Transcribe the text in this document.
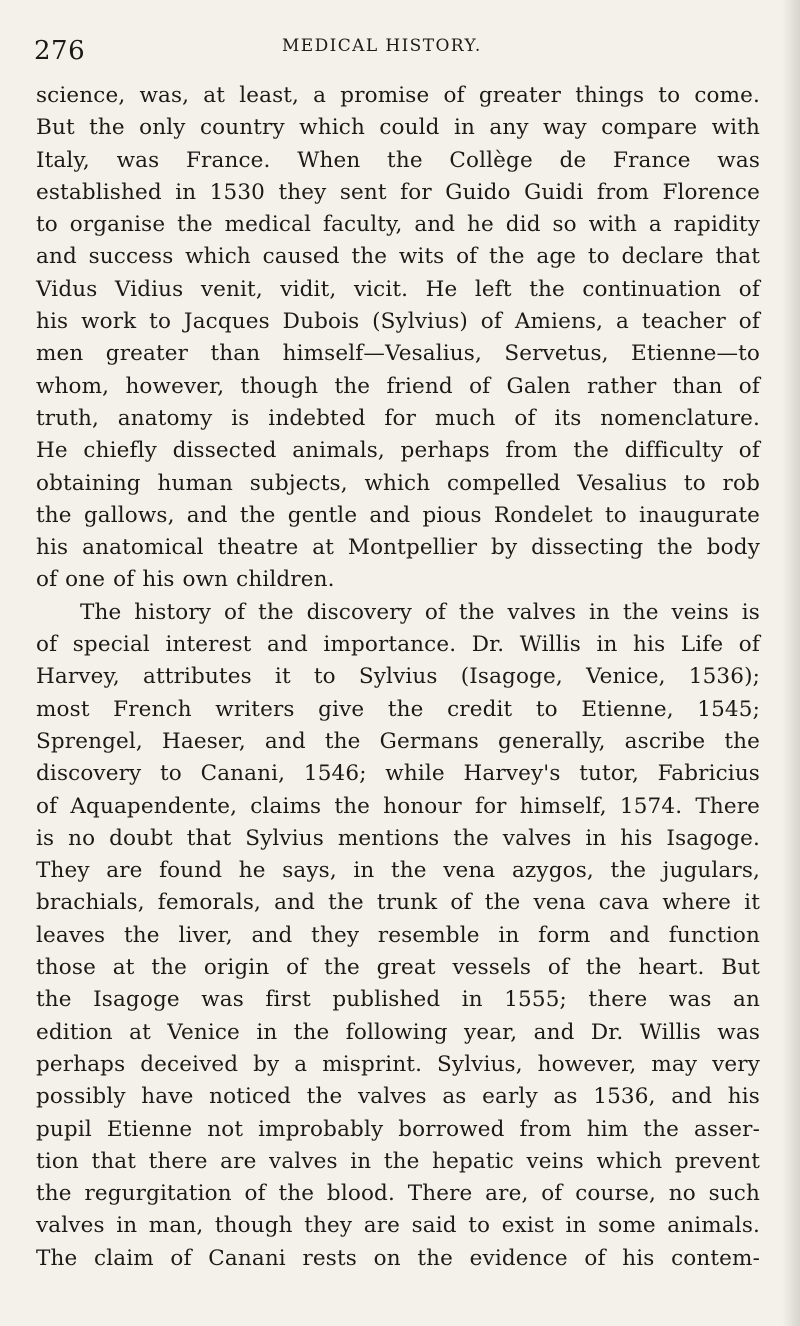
276	MEDICAL HISTORY.
science, was, at least, a promise of greater things to come.
But the only country which could in any way compare with
Italy, was France. When the Collège de France was
established in 1530 they sent for Guido Guidi from Florence
to organise the medical faculty, and he did so with a rapidity
and success which caused the wits of the age to declare that
Vidus Vidius venit, vidit, vicit. He left the continuation of
his work to Jacques Dubois (Sylvius) of Amiens, a teacher of
men greater than himself—Vesalius, Servetus, Etienne—to
whom, however, though the friend of Galen rather than of
truth, anatomy is indebted for much of its nomenclature.
He chiefly dissected animals, perhaps from the difficulty of
obtaining human subjects, which compelled Vesalius to rob
the gallows, and the gentle and pious Rondelet to inaugurate
his anatomical theatre at Montpellier by dissecting the body
of one of his own children.
The history of the discovery of the valves in the veins is
of special interest and importance. Dr. Willis in his Life of
Harvey, attributes it to Sylvius (Isagoge, Venice, 1536);
most French writers give the credit to Etienne, 1545;
Sprengel, Haeser, and the Germans generally, ascribe the
discovery to Canani, 1546; while Harvey's tutor, Fabricius
of Aquapendente, claims the honour for himself, 1574. There
is no doubt that Sylvius mentions the valves in his Isagoge.
They are found he says, in the vena azygos, the jugulars,
brachials, femorals, and the trunk of the vena cava where it
leaves the liver, and they resemble in form and function
those at the origin of the great vessels of the heart. But
the Isagoge was first published in 1555; there was an
edition at Venice in the following year, and Dr. Willis was
perhaps deceived by a misprint. Sylvius, however, may very
possibly have noticed the valves as early as 1536, and his
pupil Etienne not improbably borrowed from him the asser-
tion that there are valves in the hepatic veins which prevent
the regurgitation of the blood. There are, of course, no such
valves in man, though they are said to exist in some animals.
The claim of Canani rests on the evidence of his contem-
